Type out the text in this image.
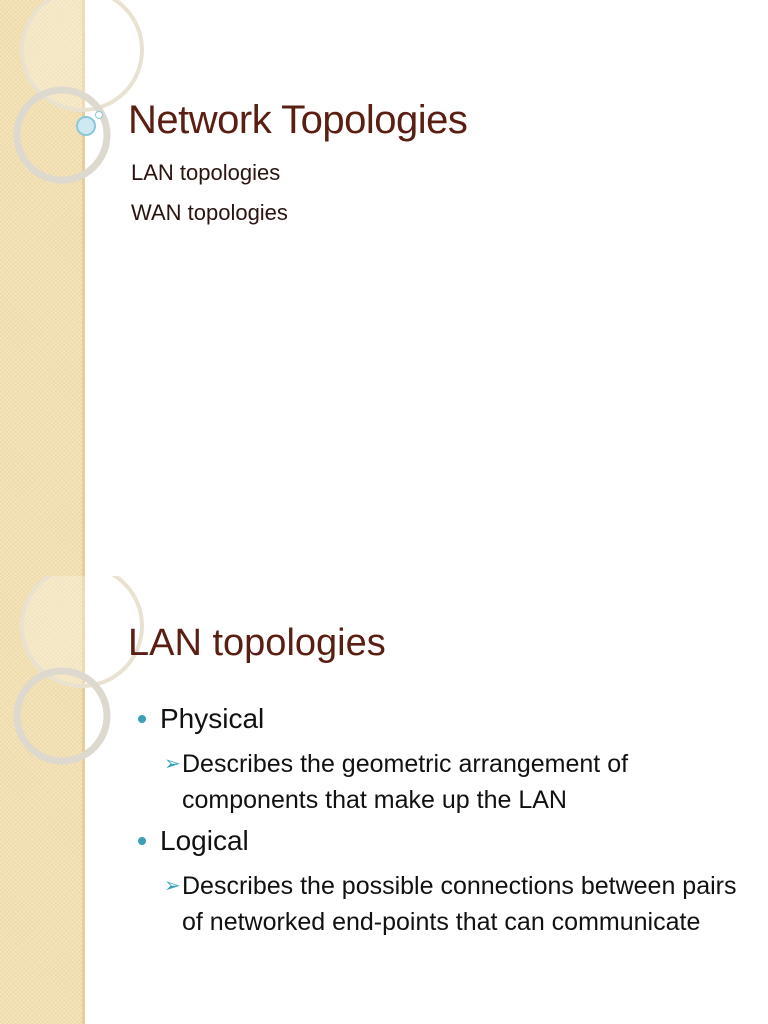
Network Topologies
LAN topologies
WAN topologies
LAN topologies
Physical
➢ Describes the geometric arrangement of components that make up the LAN
Logical
➢ Describes the possible connections between pairs of networked end-points that can communicate
